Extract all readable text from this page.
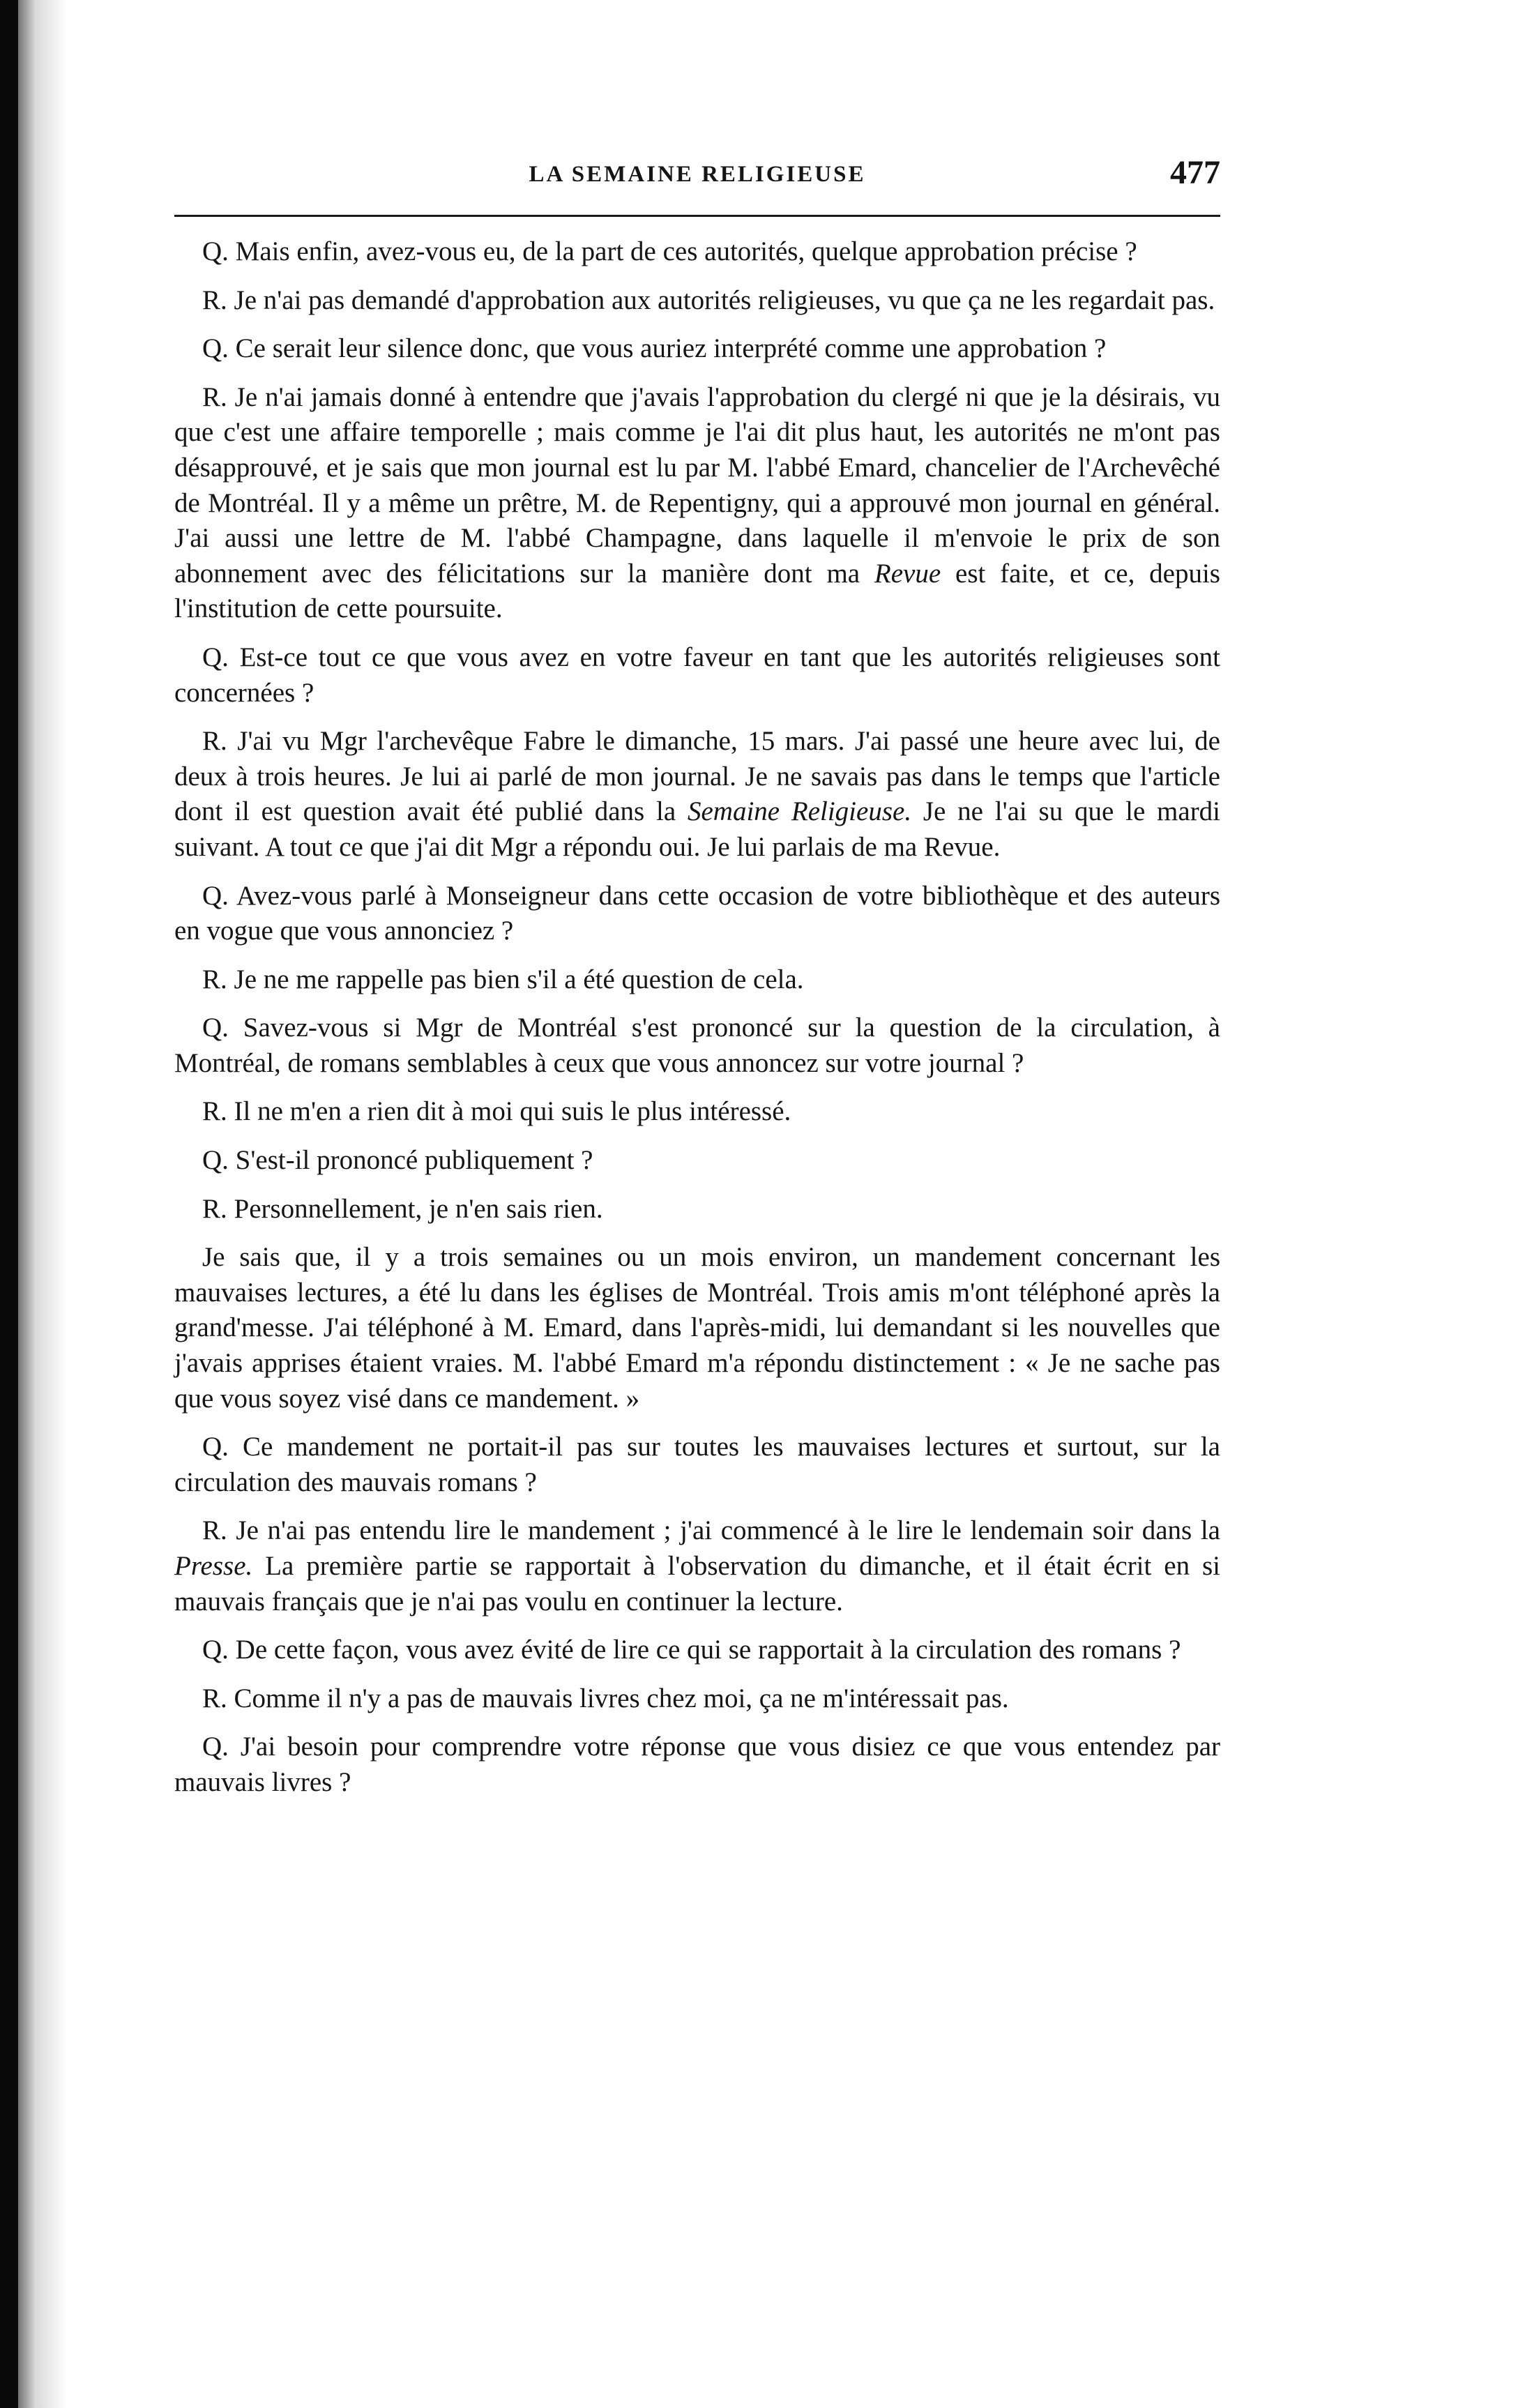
LA SEMAINE RELIGIEUSE	477

Q. Mais enfin, avez-vous eu, de la part de ces autorités, quelque approbation précise ?

R. Je n'ai pas demandé d'approbation aux autorités religieuses, vu que ça ne les regardait pas.

Q. Ce serait leur silence donc, que vous auriez interprété comme une approbation ?

R. Je n'ai jamais donné à entendre que j'avais l'approbation du clergé ni que je la désirais, vu que c'est une affaire temporelle ; mais comme je l'ai dit plus haut, les autorités ne m'ont pas désapprouvé, et je sais que mon journal est lu par M. l'abbé Emard, chancelier de l'Archevêché de Montréal. Il y a même un prêtre, M. de Repentigny, qui a approuvé mon journal en général. J'ai aussi une lettre de M. l'abbé Champagne, dans laquelle il m'envoie le prix de son abonnement avec des félicitations sur la manière dont ma Revue est faite, et ce, depuis l'institution de cette poursuite.

Q. Est-ce tout ce que vous avez en votre faveur en tant que les autorités religieuses sont concernées ?

R. J'ai vu Mgr l'archevêque Fabre le dimanche, 15 mars. J'ai passé une heure avec lui, de deux à trois heures. Je lui ai parlé de mon journal. Je ne savais pas dans le temps que l'article dont il est question avait été publié dans la Semaine Religieuse. Je ne l'ai su que le mardi suivant. A tout ce que j'ai dit Mgr a répondu oui. Je lui parlais de ma Revue.

Q. Avez-vous parlé à Monseigneur dans cette occasion de votre bibliothèque et des auteurs en vogue que vous annonciez ?

R. Je ne me rappelle pas bien s'il a été question de cela.

Q. Savez-vous si Mgr de Montréal s'est prononcé sur la question de la circulation, à Montréal, de romans semblables à ceux que vous annoncez sur votre journal ?

R. Il ne m'en a rien dit à moi qui suis le plus intéressé.

Q. S'est-il prononcé publiquement ?

R. Personnellement, je n'en sais rien.

Je sais que, il y a trois semaines ou un mois environ, un mandement concernant les mauvaises lectures, a été lu dans les églises de Montréal. Trois amis m'ont téléphoné après la grand'messe. J'ai téléphoné à M. Emard, dans l'après-midi, lui demandant si les nouvelles que j'avais apprises étaient vraies. M. l'abbé Emard m'a répondu distinctement : « Je ne sache pas que vous soyez visé dans ce mandement. »

Q. Ce mandement ne portait-il pas sur toutes les mauvaises lectures et surtout, sur la circulation des mauvais romans ?

R. Je n'ai pas entendu lire le mandement ; j'ai commencé à le lire le lendemain soir dans la Presse. La première partie se rapportait à l'observation du dimanche, et il était écrit en si mauvais français que je n'ai pas voulu en continuer la lecture.

Q. De cette façon, vous avez évité de lire ce qui se rapportait à la circulation des romans ?

R. Comme il n'y a pas de mauvais livres chez moi, ça ne m'intéressait pas.

Q. J'ai besoin pour comprendre votre réponse que vous disiez ce que vous entendez par mauvais livres ?
